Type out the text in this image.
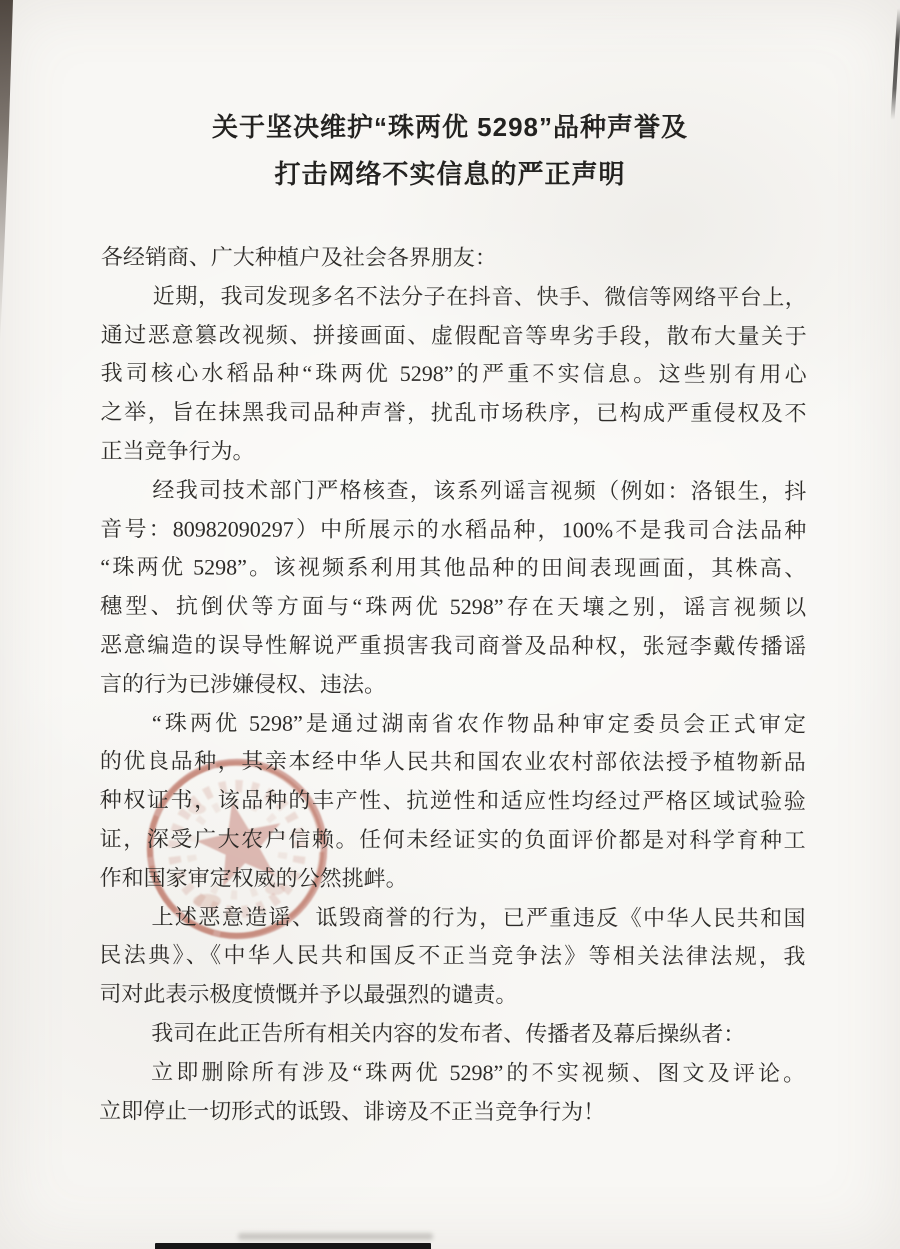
关于坚决维护“珠两优 5298”品种声誉及
打击网络不实信息的严正声明
各经销商、广大种植户及社会各界朋友：
近期，我司发现多名不法分子在抖音、快手、微信等网络平台上，
通过恶意篡改视频、拼接画面、虚假配音等卑劣手段，散布大量关于
我司核心水稻品种“珠两优 5298”的严重不实信息。这些别有用心
之举，旨在抹黑我司品种声誉，扰乱市场秩序，已构成严重侵权及不
正当竞争行为。
经我司技术部门严格核查，该系列谣言视频（例如：洛银生，抖
音号：80982090297）中所展示的水稻品种，100%不是我司合法品种
“珠两优 5298”。该视频系利用其他品种的田间表现画面，其株高、
穗型、抗倒伏等方面与“珠两优 5298”存在天壤之别，谣言视频以
恶意编造的误导性解说严重损害我司商誉及品种权，张冠李戴传播谣
言的行为已涉嫌侵权、违法。
“珠两优 5298”是通过湖南省农作物品种审定委员会正式审定
的优良品种，其亲本经中华人民共和国农业农村部依法授予植物新品
种权证书，该品种的丰产性、抗逆性和适应性均经过严格区域试验验
证，深受广大农户信赖。任何未经证实的负面评价都是对科学育种工
作和国家审定权威的公然挑衅。
上述恶意造谣、诋毁商誉的行为，已严重违反《中华人民共和国
民法典》、《中华人民共和国反不正当竞争法》等相关法律法规，我
司对此表示极度愤慨并予以最强烈的谴责。
我司在此正告所有相关内容的发布者、传播者及幕后操纵者：
立即删除所有涉及“珠两优 5298”的不实视频、图文及评论。
立即停止一切形式的诋毁、诽谤及不正当竞争行为！
